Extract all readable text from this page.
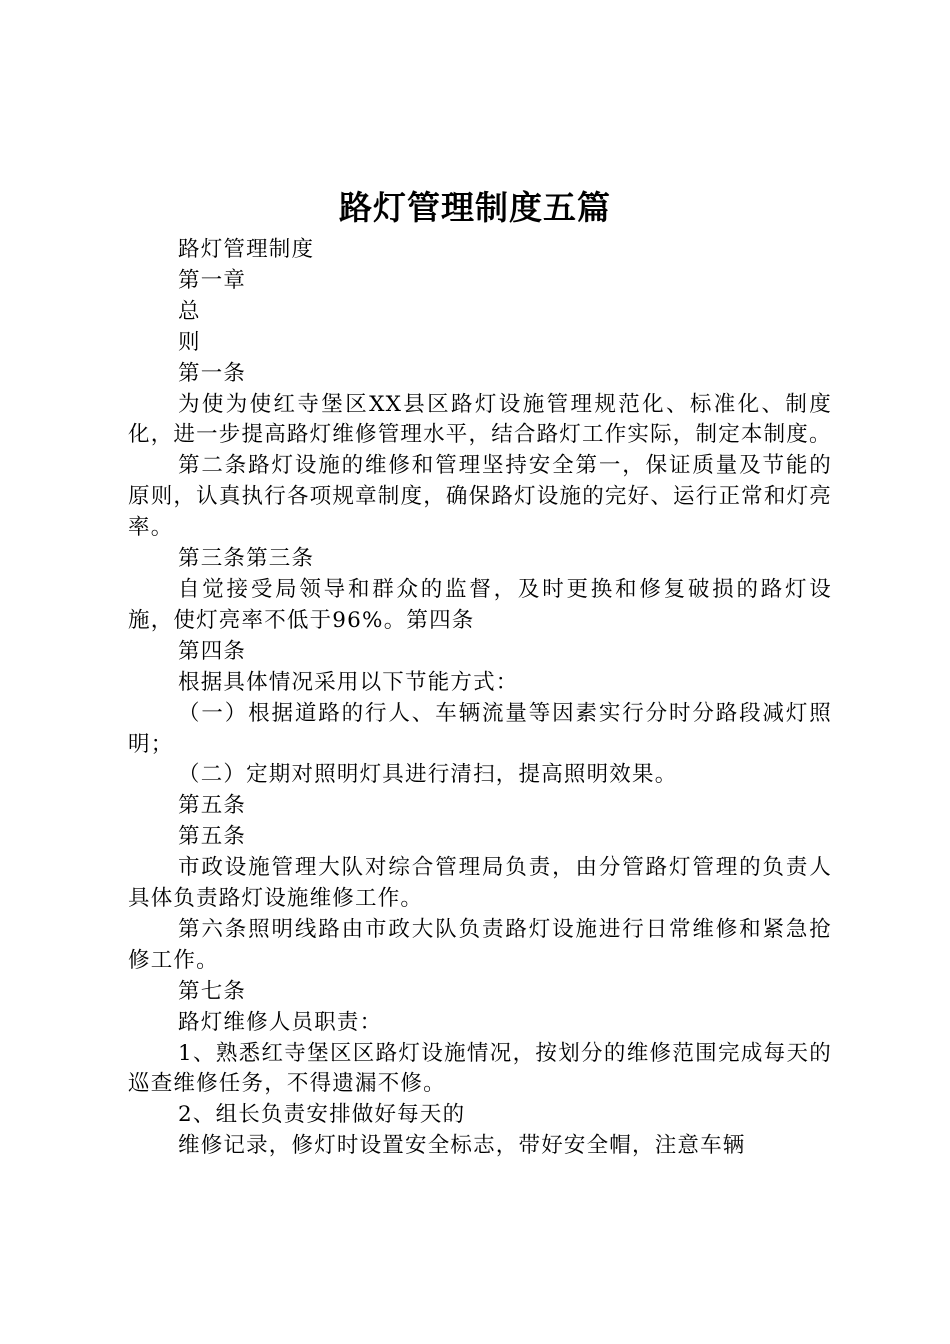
路灯管理制度五篇

路灯管理制度

第一章

总

则

第一条

为使为使红寺堡区XX县区路灯设施管理规范化、标准化、制度化，进一步提高路灯维修管理水平，结合路灯工作实际，制定本制度。

第二条路灯设施的维修和管理坚持安全第一，保证质量及节能的原则，认真执行各项规章制度，确保路灯设施的完好、运行正常和灯亮率。

第三条第三条

自觉接受局领导和群众的监督，及时更换和修复破损的路灯设施，使灯亮率不低于96%。第四条

第四条

根据具体情况采用以下节能方式：

（一）根据道路的行人、车辆流量等因素实行分时分路段减灯照明；

（二）定期对照明灯具进行清扫，提高照明效果。

第五条

第五条

市政设施管理大队对综合管理局负责，由分管路灯管理的负责人具体负责路灯设施维修工作。

第六条照明线路由市政大队负责路灯设施进行日常维修和紧急抢修工作。

第七条

路灯维修人员职责：

1、熟悉红寺堡区区路灯设施情况，按划分的维修范围完成每天的巡查维修任务，不得遗漏不修。

2、组长负责安排做好每天的

维修记录，修灯时设置安全标志，带好安全帽，注意车辆
